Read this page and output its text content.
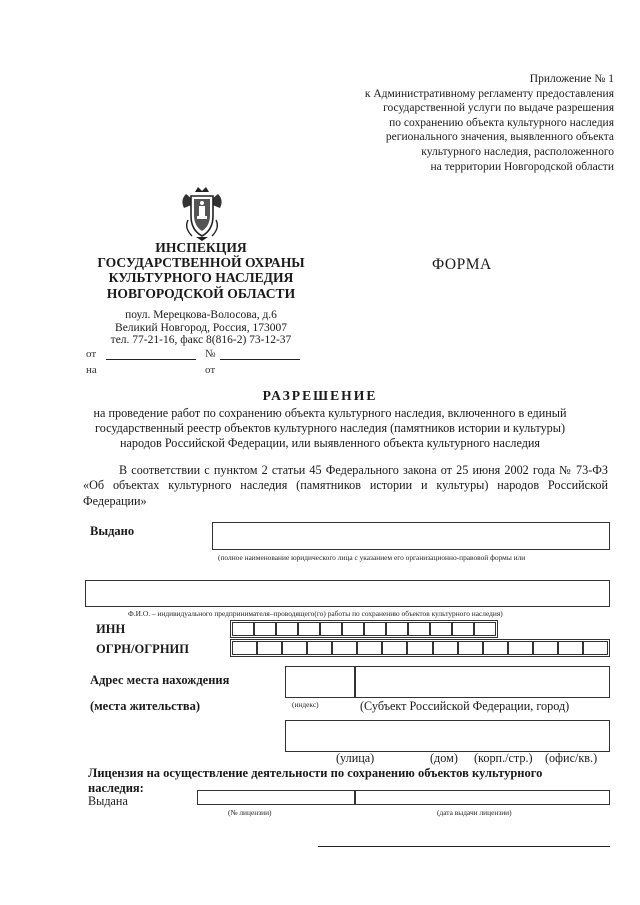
Приложение № 1
к Административному регламенту предоставления
государственной услуги по выдаче разрешения
по сохранению объекта культурного наследия
регионального значения, выявленного объекта
культурного наследия, расположенного
на территории Новгородской области
ИНСПЕКЦИЯ
ГОСУДАРСТВЕННОЙ ОХРАНЫ
КУЛЬТУРНОГО НАСЛЕДИЯ
НОВГОРОДСКОЙ ОБЛАСТИ
ФОРМА
поул. Мерецкова-Волосова, д.6
Великий Новгород, Россия, 173007
тел. 77-21-16, факс 8(816-2) 73-12-37
от	№
на	от
РАЗРЕШЕНИЕ
на проведение работ по сохранению объекта культурного наследия, включенного в единый
государственный реестр объектов культурного наследия (памятников истории и культуры)
народов Российской Федерации, или выявленного объекта культурного наследия
В соответствии с пунктом 2 статьи 45 Федерального закона от 25 июня 2002 года № 73-ФЗ «Об объектах культурного наследия (памятников истории и культуры) народов Российской Федерации»
Выдано
(полное наименование юридического лица с указанием его организационно-правовой формы или
Ф.И.О. – индивидуального предпринимателя–проводящего(го) работы по сохранению объектов культурного наследия)
ИНН
ОГРН/ОГРНИП
Адрес места нахождения
(места жительства)	(индекс)	(Субъект Российской Федерации, город)
(улица)	(дом) (корп./стр.) (офис/кв.)
Лицензия на осуществление деятельности по сохранению объектов культурного наследия:
Выдана
(№ лицензии)	(дата выдачи лицензии)
